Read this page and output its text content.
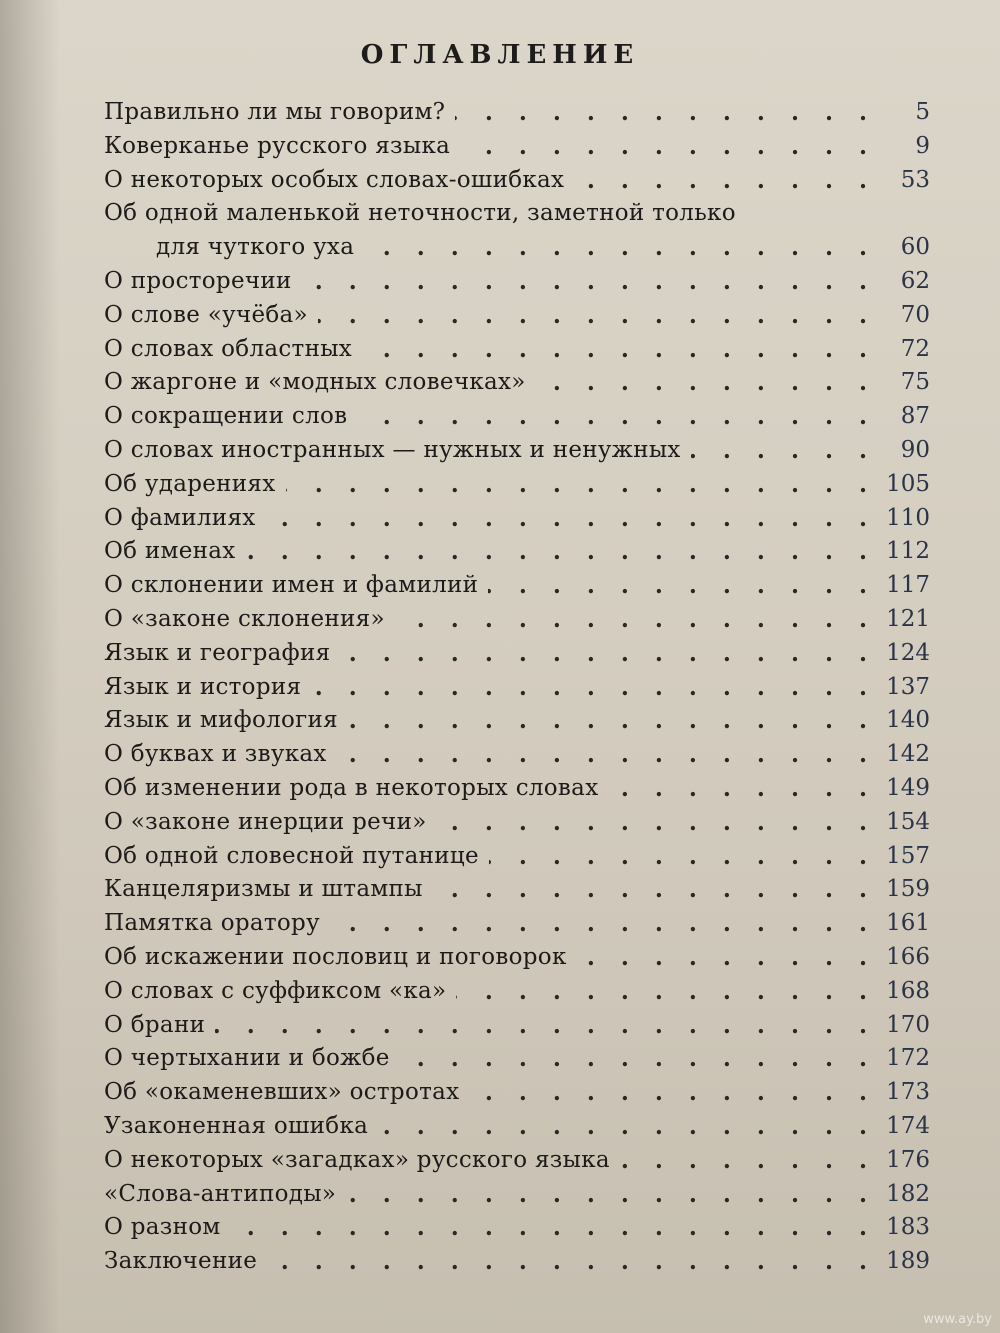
ОГЛАВЛЕНИЕ
Правильно ли мы говорим? . . .	5
Коверканье русского языка . . .	9
О некоторых особых словах-ошибках . . .	53
Об одной маленькой неточности, заметной только
для чуткого уха . . .	60
О просторечии . . .	62
О слове «учёба» . . .	70
О словах областных . . .	72
О жаргоне и «модных словечках» . . .	75
О сокращении слов . . .	87
О словах иностранных — нужных и ненужных . . .	90
Об ударениях . . .	105
О фамилиях . . .	110
Об именах . . .	112
О склонении имен и фамилий . . .	117
О «законе склонения» . . .	121
Язык и география . . .	124
Язык и история . . .	137
Язык и мифология . . .	140
О буквах и звуках . . .	142
Об изменении рода в некоторых словах . . .	149
О «законе инерции речи» . . .	154
Об одной словесной путанице . . .	157
Канцеляризмы и штампы . . .	159
Памятка оратору . . .	161
Об искажении пословиц и поговорок . . .	166
О словах с суффиксом «ка» . . .	168
О брани . . .	170
О чертыхании и божбе . . .	172
Об «окаменевших» остротах . . .	173
Узаконенная ошибка . . .	174
О некоторых «загадках» русского языка . . .	176
«Слова-антиподы» . . .	182
О разном . . .	183
Заключение . . .	189
www.ay.by
